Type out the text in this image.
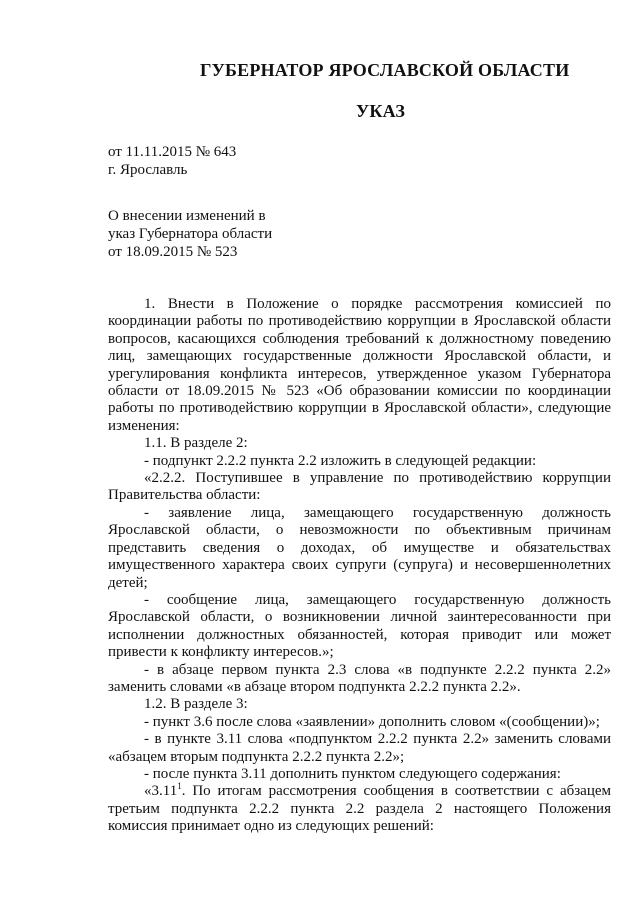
ГУБЕРНАТОР ЯРОСЛАВСКОЙ ОБЛАСТИ
УКАЗ
от 11.11.2015 № 643
г. Ярославль
О внесении изменений в
указ Губернатора области
от 18.09.2015 № 523

1. Внести в Положение о порядке рассмотрения комиссией по координации работы по противодействию коррупции в Ярославской области вопросов, касающихся соблюдения требований к должностному поведению лиц, замещающих государственные должности Ярославской области, и урегулирования конфликта интересов, утвержденное указом Губернатора области от 18.09.2015 № 523 «Об образовании комиссии по координации работы по противодействию коррупции в Ярославской области», следующие изменения:

1.1. В разделе 2:

- подпункт 2.2.2 пункта 2.2 изложить в следующей редакции:

«2.2.2. Поступившее в управление по противодействию коррупции Правительства области:

- заявление лица, замещающего государственную должность Ярославской области, о невозможности по объективным причинам представить сведения о доходах, об имуществе и обязательствах имущественного характера своих супруги (супруга) и несовершеннолетних детей;

- сообщение лица, замещающего государственную должность Ярославской области, о возникновении личной заинтересованности при исполнении должностных обязанностей, которая приводит или может привести к конфликту интересов.»;

- в абзаце первом пункта 2.3 слова «в подпункте 2.2.2 пункта 2.2» заменить словами «в абзаце втором подпункта 2.2.2 пункта 2.2».

1.2. В разделе 3:

- пункт 3.6 после слова «заявлении» дополнить словом «(сообщении)»;

- в пункте 3.11 слова «подпунктом 2.2.2 пункта 2.2» заменить словами «абзацем вторым подпункта 2.2.2 пункта 2.2»;

- после пункта 3.11 дополнить пунктом следующего содержания:

«3.11$^1$. По итогам рассмотрения сообщения в соответствии с абзацем третьим подпункта 2.2.2 пункта 2.2 раздела 2 настоящего Положения комиссия принимает одно из следующих решений:
